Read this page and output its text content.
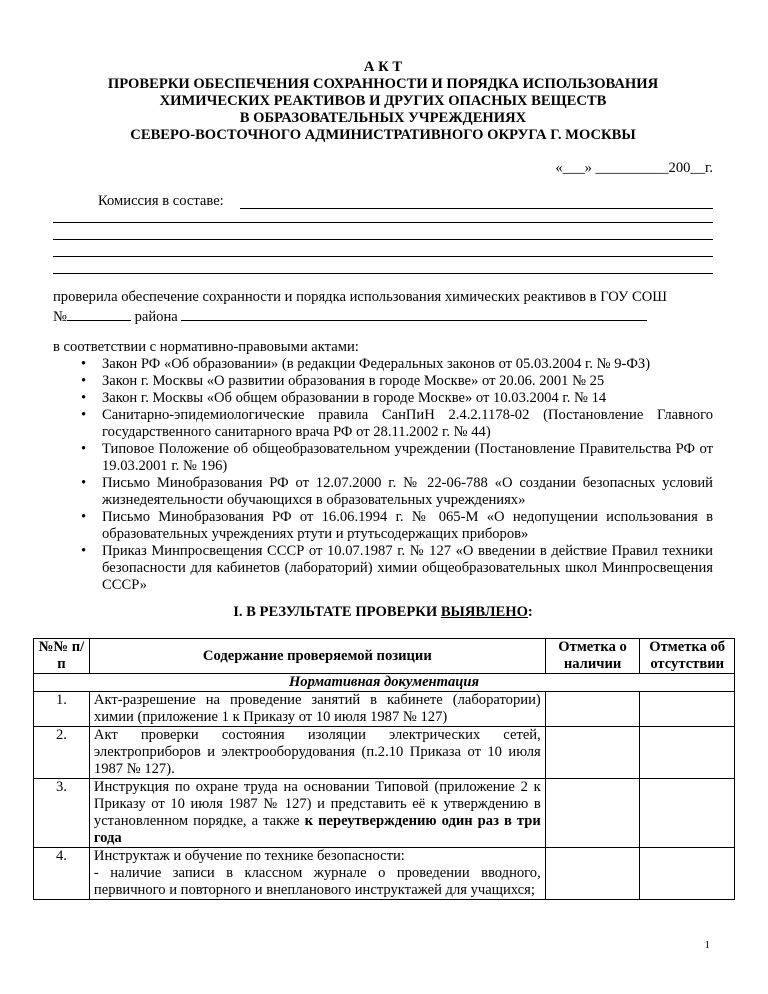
А К Т
ПРОВЕРКИ ОБЕСПЕЧЕНИЯ СОХРАННОСТИ И ПОРЯДКА ИСПОЛЬЗОВАНИЯ
ХИМИЧЕСКИХ РЕАКТИВОВ И ДРУГИХ ОПАСНЫХ ВЕЩЕСТВ
В ОБРАЗОВАТЕЛЬНЫХ УЧРЕЖДЕНИЯХ
СЕВЕРО-ВОСТОЧНОГО АДМИНИСТРАТИВНОГО ОКРУГА Г. МОСКВЫ
«___» __________200__г.
Комиссия в составе:
проверила обеспечение сохранности и порядка использования химических реактивов в ГОУ СОШ
№	района
в соответствии с нормативно-правовыми актами:
• Закон РФ «Об образовании» (в редакции Федеральных законов от 05.03.2004 г. № 9-ФЗ)
• Закон г. Москвы «О развитии образования в городе Москве» от 20.06. 2001 № 25
• Закон г. Москвы «Об общем образовании в городе Москве» от 10.03.2004 г. № 14
• Санитарно-эпидемиологические правила СанПиН 2.4.2.1178-02 (Постановление Главного государственного санитарного врача РФ от 28.11.2002 г. № 44)
• Типовое Положение об общеобразовательном учреждении (Постановление Правительства РФ от 19.03.2001 г. № 196)
• Письмо Минобразования РФ от 12.07.2000 г. № 22-06-788 «О создании безопасных условий жизнедеятельности обучающихся в образовательных учреждениях»
• Письмо Минобразования РФ от 16.06.1994 г. № 065-М «О недопущении использования в образовательных учреждениях ртути и ртутьсодержащих приборов»
• Приказ Минпросвещения СССР от 10.07.1987 г. № 127 «О введении в действие Правил техники безопасности для кабинетов (лабораторий) химии общеобразовательных школ Минпросвещения СССР»
I. В РЕЗУЛЬТАТЕ ПРОВЕРКИ ВЫЯВЛЕНО:
№№ п/п	Содержание проверяемой позиции	Отметка о наличии	Отметка об отсутствии
Нормативная документация			
1.	Акт-разрешение на проведение занятий в кабинете (лаборатории) химии (приложение 1 к Приказу от 10 июля 1987 № 127)		
2.	Акт проверки состояния изоляции электрических сетей, электроприборов и электрооборудования (п.2.10 Приказа от 10 июля 1987 № 127).		
3.	Инструкция по охране труда на основании Типовой (приложение 2 к Приказу от 10 июля 1987 № 127) и представить её к утверждению в установленном порядке, а также к переутверждению один раз в три года		
4.	Инструктаж и обучение по технике безопасности:
- наличие записи в классном журнале о проведении вводного, первичного и повторного и внепланового инструктажей для учащихся;		

1
